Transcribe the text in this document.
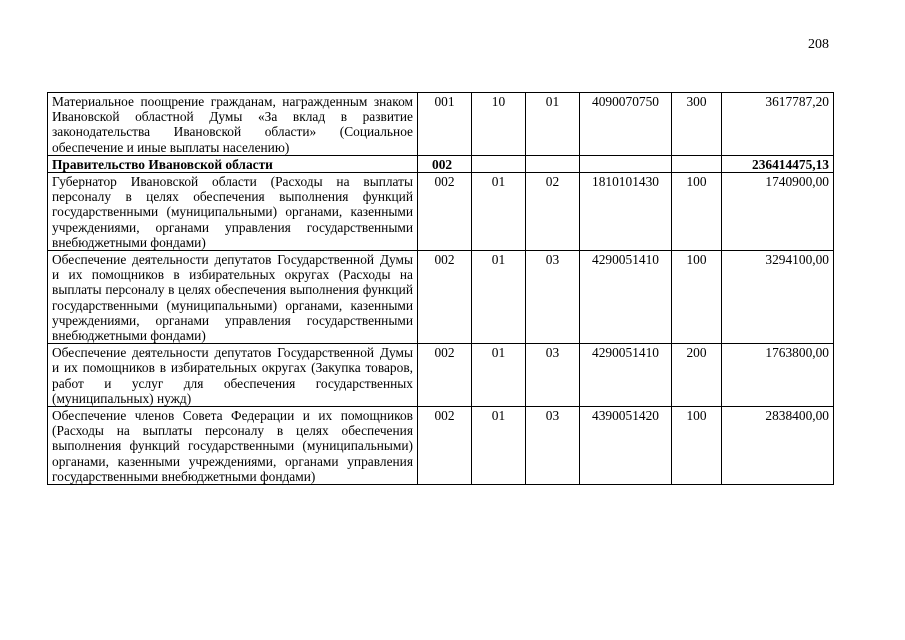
208
Материальное поощрение гражданам, награжденным знаком Ивановской областной Думы «За вклад в развитие законодательства Ивановской области» (Социальное обеспечение и иные выплаты населению)	001	10	01	4090070750	300	3617787,20
Правительство Ивановской области	002					236414475,13
Губернатор Ивановской области (Расходы на выплаты персоналу в целях обеспечения выполнения функций государственными (муниципальными) органами, казенными учреждениями, органами управления государственными внебюджетными фондами)	002	01	02	1810101430	100	1740900,00
Обеспечение деятельности депутатов Государственной Думы и их помощников в избирательных округах (Расходы на выплаты персоналу в целях обеспечения выполнения функций государственными (муниципальными) органами, казенными учреждениями, органами управления государственными внебюджетными фондами)	002	01	03	4290051410	100	3294100,00
Обеспечение деятельности депутатов Государственной Думы и их помощников в избирательных округах (Закупка товаров, работ и услуг для обеспечения государственных (муниципальных) нужд)	002	01	03	4290051410	200	1763800,00
Обеспечение членов Совета Федерации и их помощников (Расходы на выплаты персоналу в целях обеспечения выполнения функций государственными (муниципальными) органами, казенными учреждениями, органами управления государственными внебюджетными фондами)	002	01	03	4390051420	100	2838400,00
